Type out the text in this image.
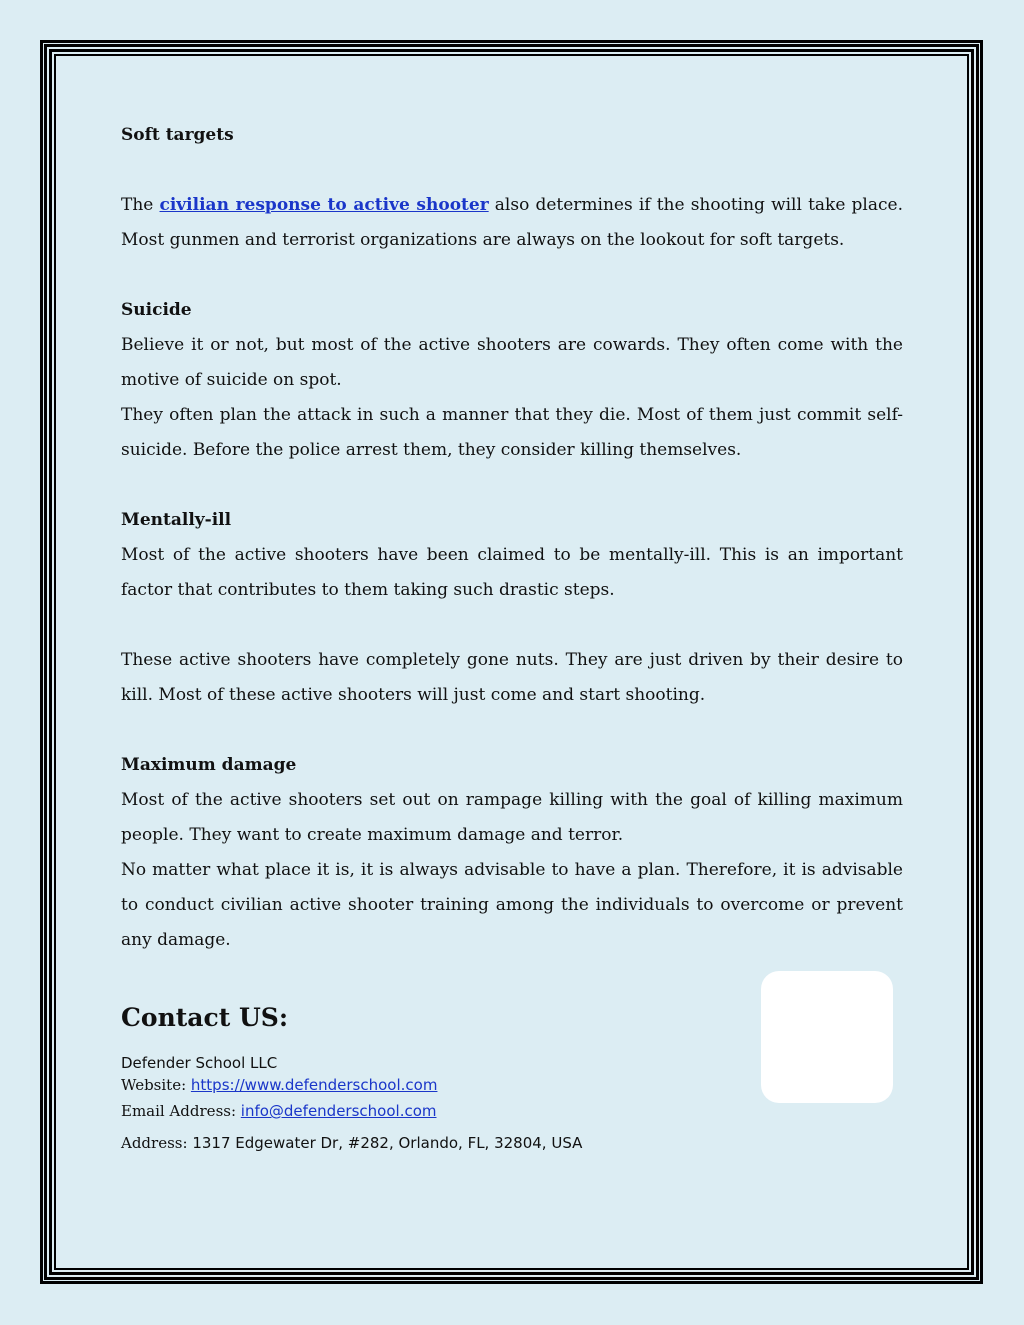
Soft targets

The civilian response to active shooter also determines if the shooting will take place. Most gunmen and terrorist organizations are always on the lookout for soft targets.

Suicide

Believe it or not, but most of the active shooters are cowards. They often come with the motive of suicide on spot.

They often plan the attack in such a manner that they die. Most of them just commit self-suicide. Before the police arrest them, they consider killing themselves.

Mentally-ill

Most of the active shooters have been claimed to be mentally-ill. This is an important factor that contributes to them taking such drastic steps.

These active shooters have completely gone nuts. They are just driven by their desire to kill. Most of these active shooters will just come and start shooting.

Maximum damage

Most of the active shooters set out on rampage killing with the goal of killing maximum people. They want to create maximum damage and terror.

No matter what place it is, it is always advisable to have a plan. Therefore, it is advisable to conduct civilian active shooter training among the individuals to overcome or prevent any damage.

Contact US:

Defender School LLC
Website: https://www.defenderschool.com
Email Address: info@defenderschool.com
Address: 1317 Edgewater Dr, #282, Orlando, FL, 32804, USA
